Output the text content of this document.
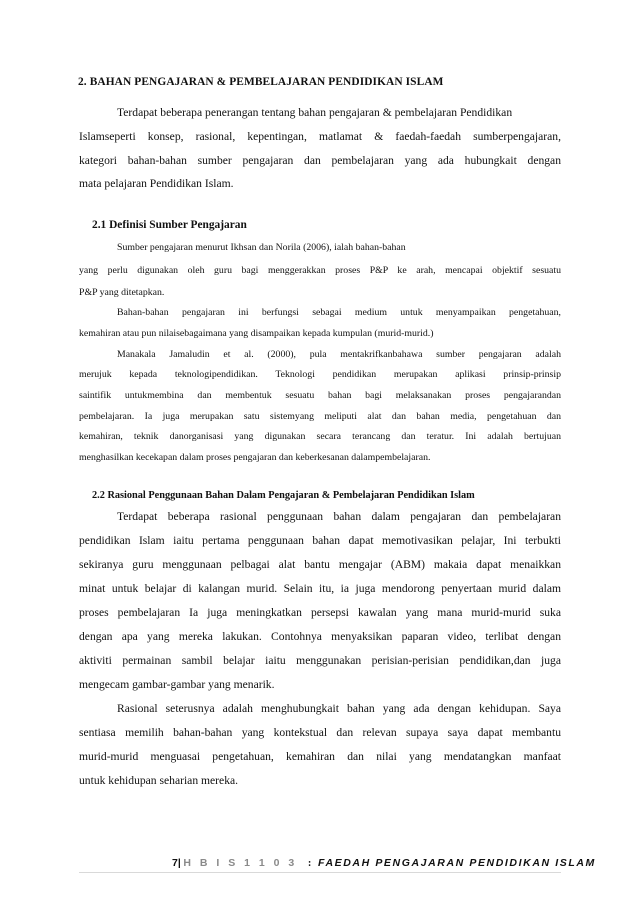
2. BAHAN PENGAJARAN & PEMBELAJARAN PENDIDIKAN ISLAM
Terdapat beberapa penerangan tentang bahan pengajaran & pembelajaran Pendidikan
Islamseperti konsep, rasional, kepentingan, matlamat & faedah-faedah sumberpengajaran,
kategori bahan-bahan sumber pengajaran dan pembelajaran yang ada hubungkait dengan
mata pelajaran Pendidikan Islam.
2.1 Definisi Sumber Pengajaran
Sumber pengajaran menurut Ikhsan dan Norila (2006), ialah bahan-bahan
yang perlu digunakan oleh guru bagi menggerakkan proses P&P ke arah, mencapai objektif sesuatu
P&P yang ditetapkan.
Bahan-bahan pengajaran ini berfungsi sebagai medium untuk menyampaikan pengetahuan,
kemahiran atau pun nilaisebagaimana yang disampaikan kepada kumpulan (murid-murid.)
Manakala Jamaludin et al. (2000), pula mentakrifkanbahawa sumber pengajaran adalah
merujuk kepada teknologipendidikan. Teknologi pendidikan merupakan aplikasi prinsip-prinsip
saintifik untukmembina dan membentuk sesuatu bahan bagi melaksanakan proses pengajarandan
pembelajaran. Ia juga merupakan satu sistemyang meliputi alat dan bahan media, pengetahuan dan
kemahiran, teknik danorganisasi yang digunakan secara terancang dan teratur. Ini adalah bertujuan
menghasilkan kecekapan dalam proses pengajaran dan keberkesanan dalampembelajaran.
2.2 Rasional Penggunaan Bahan Dalam Pengajaran & Pembelajaran Pendidikan Islam
Terdapat beberapa rasional penggunaan bahan dalam pengajaran dan pembelajaran
pendidikan Islam iaitu pertama penggunaan bahan dapat memotivasikan pelajar, Ini terbukti
sekiranya guru menggunaan pelbagai alat bantu mengajar (ABM) makaia dapat menaikkan
minat untuk belajar di kalangan murid. Selain itu, ia juga mendorong penyertaan murid dalam
proses pembelajaran Ia juga meningkatkan persepsi kawalan yang mana murid-murid suka
dengan apa yang mereka lakukan. Contohnya menyaksikan paparan video, terlibat dengan
aktiviti permainan sambil belajar iaitu menggunakan perisian-perisian pendidikan,dan juga
mengecam gambar-gambar yang menarik.
Rasional seterusnya adalah menghubungkait bahan yang ada dengan kehidupan. Saya
sentiasa memilih bahan-bahan yang kontekstual dan relevan supaya saya dapat membantu
murid-murid menguasai pengetahuan, kemahiran dan nilai yang mendatangkan manfaat
untuk kehidupan seharian mereka.
7| H B I S 1 1 0 3 : FAEDAH PENGAJARAN PENDIDIKAN ISLAM
